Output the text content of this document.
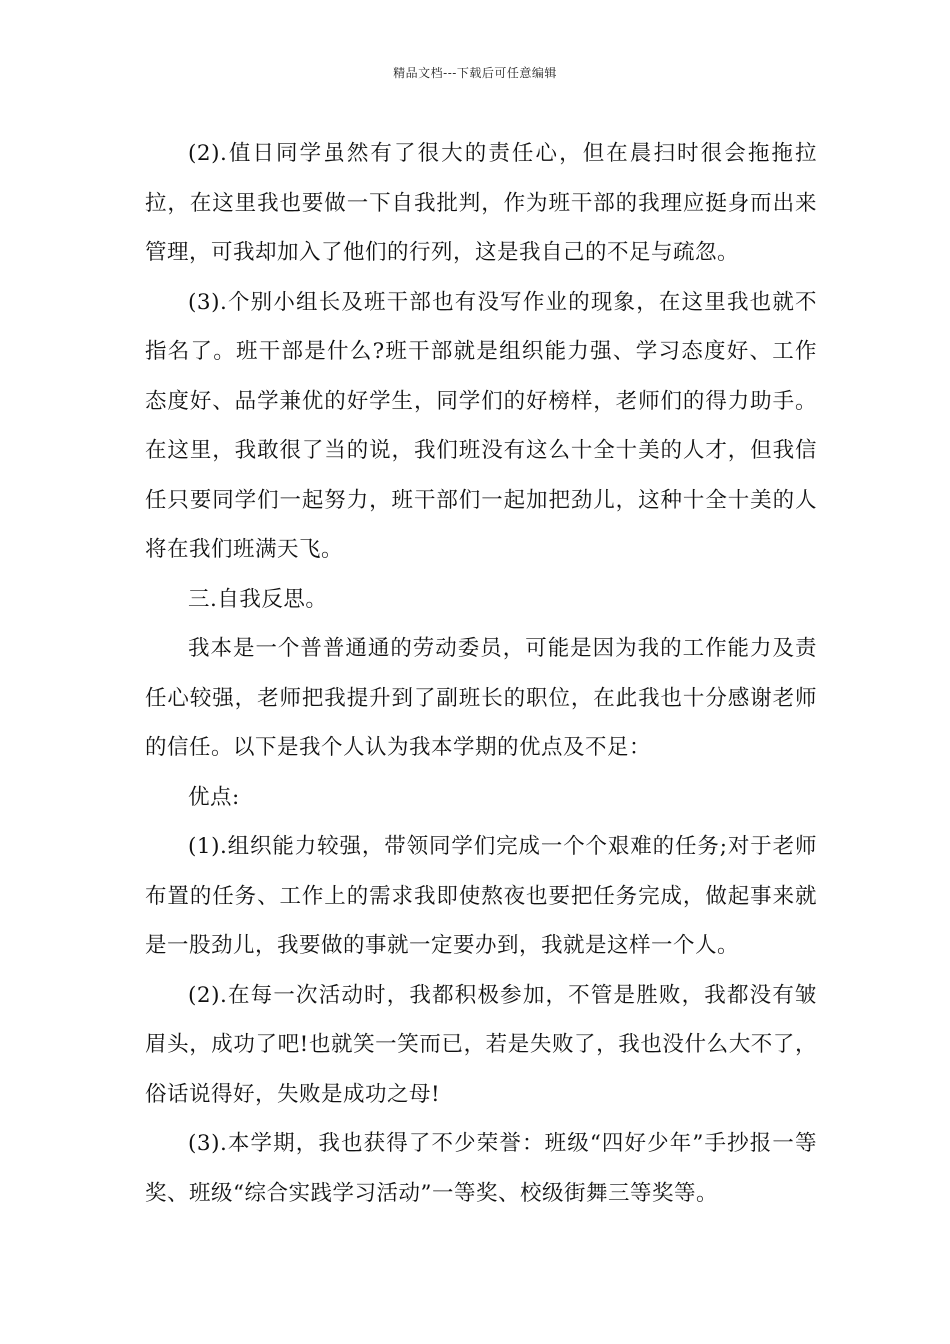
精品文档---下载后可任意编辑

(2).值日同学虽然有了很大的责任心，但在晨扫时很会拖拖拉拉，在这里我也要做一下自我批判，作为班干部的我理应挺身而出来管理，可我却加入了他们的行列，这是我自己的不足与疏忽。

(3).个别小组长及班干部也有没写作业的现象，在这里我也就不指名了。班干部是什么?班干部就是组织能力强、学习态度好、工作态度好、品学兼优的好学生，同学们的好榜样，老师们的得力助手。在这里，我敢很了当的说，我们班没有这么十全十美的人才，但我信任只要同学们一起努力，班干部们一起加把劲儿，这种十全十美的人将在我们班满天飞。

三.自我反思。

我本是一个普普通通的劳动委员，可能是因为我的工作能力及责任心较强，老师把我提升到了副班长的职位，在此我也十分感谢老师的信任。以下是我个人认为我本学期的优点及不足：

优点:

(1).组织能力较强，带领同学们完成一个个艰难的任务;对于老师布置的任务、工作上的需求我即使熬夜也要把任务完成，做起事来就是一股劲儿，我要做的事就一定要办到，我就是这样一个人。

(2).在每一次活动时，我都积极参加，不管是胜败，我都没有皱眉头，成功了吧!也就笑一笑而已，若是失败了，我也没什么大不了，俗话说得好，失败是成功之母!

(3).本学期，我也获得了不少荣誉：班级“四好少年”手抄报一等奖、班级“综合实践学习活动”一等奖、校级街舞三等奖等。
